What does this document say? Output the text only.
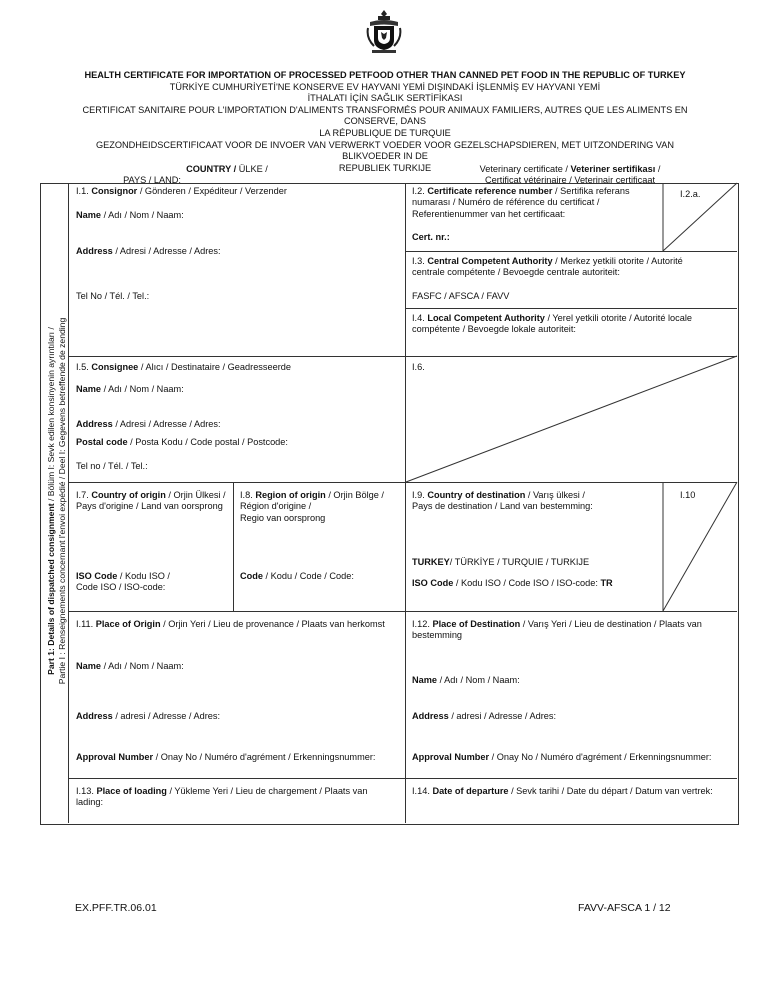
HEALTH CERTIFICATE FOR IMPORTATION OF PROCESSED PETFOOD OTHER THAN CANNED PET FOOD IN THE REPUBLIC OF TURKEY
TÜRKİYE CUMHURİYETİ'NE KONSERVE EV HAYVANI YEMİ DIŞINDAKİ İŞLENMİŞ EV HAYVANI YEMİ
İTHALATI İÇİN SAĞLIK SERTİFİKASI
CERTIFICAT SANITAIRE POUR L'IMPORTATION D'ALIMENTS TRANSFORMÉS POUR ANIMAUX FAMILIERS, AUTRES QUE LES ALIMENTS EN CONSERVE, DANS
LA RÉPUBLIQUE DE TURQUIE
GEZONDHEIDSCERTIFICAAT VOOR DE INVOER VAN VERWERKT VOEDER VOOR GEZELSCHAPSDIEREN, MET UITZONDERING VAN BLIKVOEDER IN DE
REPUBLIEK TURKIJE
COUNTRY / ÜLKE /
PAYS / LAND:
Veterinary certificate / Veteriner sertifikası /
Certificat vétérinaire / Veterinair certificaat
Part 1: Details of dispatched consignment / Bölüm I: Sevk edilen konsinyenin ayrıntıları / Partie I : Renseignements concernant l'envoi expédié / Deel I: Gegevens betreffende de zending
I.1. Consignor / Gönderen / Expéditeur / Verzender
Name / Adı / Nom / Naam:
Address / Adresi / Adresse / Adres:
Tel No / Tél. / Tel.:
I.2. Certificate reference number / Sertifika referans
numarası / Numéro de référence du certificat /
Referentienummer van het certificaat:
I.2.a.
Cert. nr.:
I.3. Central Competent Authority / Merkez yetkili otorite / Autorité
centrale compétente / Bevoegde centrale autoriteit:
FASFC / AFSCA / FAVV
I.4. Local Competent Authority / Yerel yetkili otorite / Autorité locale
compétente / Bevoegde lokale autoriteit:
I.5. Consignee / Alıcı / Destinataire / Geadresseerde	I.6.
Name / Adı / Nom / Naam:
Address / Adresi / Adresse / Adres:
Postal code / Posta Kodu / Code postal / Postcode:
Tel no / Tél. / Tel.:
I.7. Country of origin / Orjin Ülkesi /
Pays d'origine / Land van oorsprong
ISO Code / Kodu ISO /
Code ISO / ISO-code:
I.8. Region of origin / Orjin Bölge /
Région d'origine /
Regio van oorsprong
Code / Kodu / Code / Code:
I.9. Country of destination / Varış ülkesi /
Pays de destination / Land van bestemming:
I.10
TURKEY/ TÜRKİYE / TURQUIE / TURKIJE
ISO Code / Kodu ISO / Code ISO / ISO-code: TR
I.11. Place of Origin / Orjin Yeri / Lieu de provenance / Plaats van herkomst
Name / Adı / Nom / Naam:
Address / adresi / Adresse / Adres:
Approval Number / Onay No / Numéro d'agrément / Erkenningsnummer:
I.12. Place of Destination / Varış Yeri / Lieu de destination / Plaats van
bestemming
Name / Adı / Nom / Naam:
Address / adresi / Adresse / Adres:
Approval Number / Onay No / Numéro d'agrément / Erkenningsnummer:
I.13. Place of loading / Yükleme Yeri / Lieu de chargement / Plaats van
lading:
I.14. Date of departure / Sevk tarihi / Date du départ / Datum van vertrek:
EX.PFF.TR.06.01	FAVV-AFSCA 1 / 12
